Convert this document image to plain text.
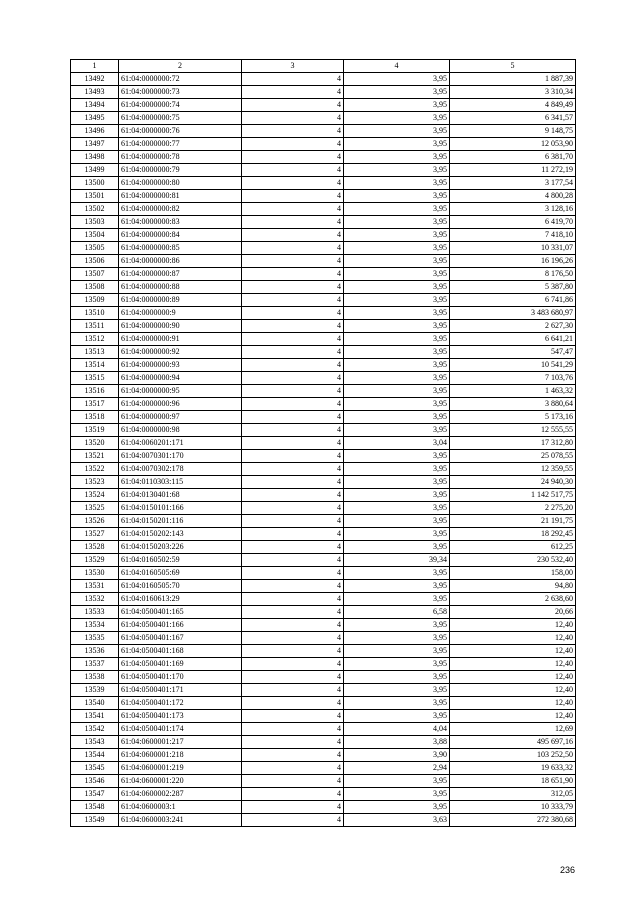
1	2	3	4	5
13492	61:04:0000000:72	4	3,95	1 887,39
13493	61:04:0000000:73	4	3,95	3 310,34
13494	61:04:0000000:74	4	3,95	4 849,49
13495	61:04:0000000:75	4	3,95	6 341,57
13496	61:04:0000000:76	4	3,95	9 148,75
13497	61:04:0000000:77	4	3,95	12 053,90
13498	61:04:0000000:78	4	3,95	6 381,70
13499	61:04:0000000:79	4	3,95	11 272,19
13500	61:04:0000000:80	4	3,95	3 177,54
13501	61:04:0000000:81	4	3,95	4 800,28
13502	61:04:0000000:82	4	3,95	3 128,16
13503	61:04:0000000:83	4	3,95	6 419,70
13504	61:04:0000000:84	4	3,95	7 418,10
13505	61:04:0000000:85	4	3,95	10 331,07
13506	61:04:0000000:86	4	3,95	16 196,26
13507	61:04:0000000:87	4	3,95	8 176,50
13508	61:04:0000000:88	4	3,95	5 387,80
13509	61:04:0000000:89	4	3,95	6 741,86
13510	61:04:0000000:9	4	3,95	3 483 680,97
13511	61:04:0000000:90	4	3,95	2 627,30
13512	61:04:0000000:91	4	3,95	6 641,21
13513	61:04:0000000:92	4	3,95	547,47
13514	61:04:0000000:93	4	3,95	10 541,29
13515	61:04:0000000:94	4	3,95	7 103,76
13516	61:04:0000000:95	4	3,95	1 463,32
13517	61:04:0000000:96	4	3,95	3 880,64
13518	61:04:0000000:97	4	3,95	5 173,16
13519	61:04:0000000:98	4	3,95	12 555,55
13520	61:04:0060201:171	4	3,04	17 312,80
13521	61:04:0070301:170	4	3,95	25 078,55
13522	61:04:0070302:178	4	3,95	12 359,55
13523	61:04:0110303:115	4	3,95	24 940,30
13524	61:04:0130401:68	4	3,95	1 142 517,75
13525	61:04:0150101:166	4	3,95	2 275,20
13526	61:04:0150201:116	4	3,95	21 191,75
13527	61:04:0150202:143	4	3,95	18 292,45
13528	61:04:0150203:226	4	3,95	612,25
13529	61:04:0160502:59	4	39,34	230 532,40
13530	61:04:0160505:69	4	3,95	158,00
13531	61:04:0160505:70	4	3,95	94,80
13532	61:04:0160613:29	4	3,95	2 638,60
13533	61:04:0500401:165	4	6,58	20,66
13534	61:04:0500401:166	4	3,95	12,40
13535	61:04:0500401:167	4	3,95	12,40
13536	61:04:0500401:168	4	3,95	12,40
13537	61:04:0500401:169	4	3,95	12,40
13538	61:04:0500401:170	4	3,95	12,40
13539	61:04:0500401:171	4	3,95	12,40
13540	61:04:0500401:172	4	3,95	12,40
13541	61:04:0500401:173	4	3,95	12,40
13542	61:04:0500401:174	4	4,04	12,69
13543	61:04:0600001:217	4	3,88	495 697,16
13544	61:04:0600001:218	4	3,90	103 252,50
13545	61:04:0600001:219	4	2,94	19 633,32
13546	61:04:0600001:220	4	3,95	18 651,90
13547	61:04:0600002:287	4	3,95	312,05
13548	61:04:0600003:1	4	3,95	10 333,79
13549	61:04:0600003:241	4	3,63	272 380,68
236
